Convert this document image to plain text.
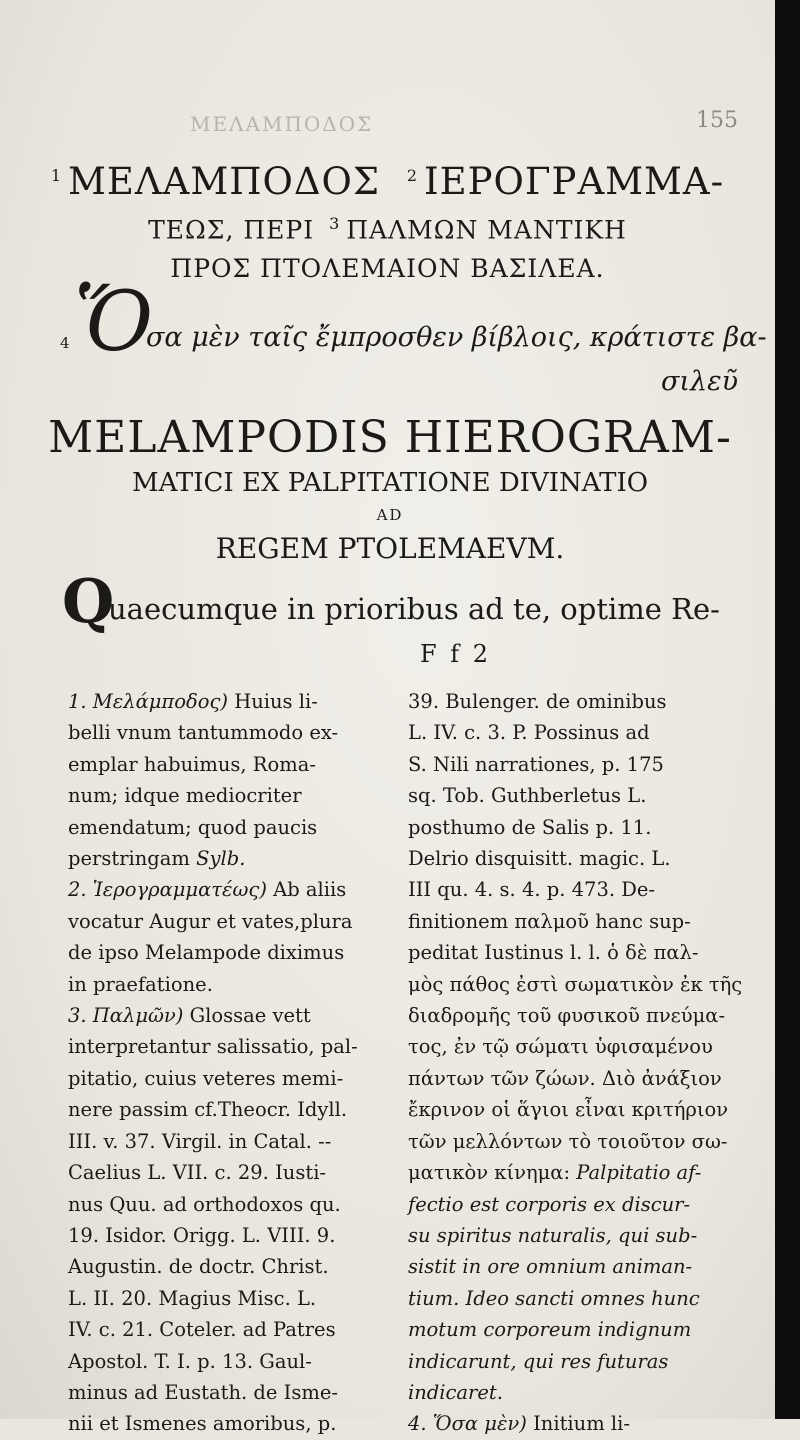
ΜΕΛΑΜΠΟΔΟΣ	155
$^1$ ΜΕΛΑΜΠΟΔΟΣ $^2$ ΙΕΡΟΓΡΑΜΜΑ-
ΤΕΩΣ, ΠΕΡΙ $^3$ ΠΑΛΜΩΝ ΜΑΝΤΙΚΗ
ΠΡΟΣ ΠΤΟΛΕΜΑΙΟΝ ΒΑΣΙΛΕΑ.
4 Ὅ
σα μὲν ταῖς ἔμπροσθεν βίβλοις, κράτιστε βα-
σιλεῦ
MELAMPODIS HIEROGRAM-
MATICI EX PALPITATIONE DIVINATIO
AD
REGEM PTOLEMAEVM.
Q
uaecumque in prioribus ad te, optime Re-
F f 2
1. Μελάμποδος) Huius li-
belli vnum tantummodo ex-
emplar habuimus, Roma-
num; idque mediocriter
emendatum; quod paucis
perstringam Sylb.
2. Ἱερογραμματέως) Ab aliis
vocatur Augur et vates,plura
de ipso Melampode diximus
in praefatione.
3. Παλμῶν) Glossae vett
interpretantur salissatio, pal-
pitatio, cuius veteres memi-
nere passim cf.Theocr. Idyll.
III. v. 37. Virgil. in Catal. --
Caelius L. VII. c. 29. Iusti-
nus Quu. ad orthodoxos qu.
19. Isidor. Origg. L. VIII. 9.
Augustin. de doctr. Christ.
L. II. 20. Magius Misc. L.
IV. c. 21. Coteler. ad Patres
Apostol. T. I. p. 13. Gaul-
minus ad Eustath. de Isme-
nii et Ismenes amoribus, p.
39. Bulenger. de ominibus
L. IV. c. 3. P. Possinus ad
S. Nili narrationes, p. 175
sq. Tob. Guthberletus L.
posthumo de Salis p. 11.
Delrio disquisitt. magic. L.
III qu. 4. s. 4. p. 473. De-
finitionem παλμοῦ hanc sup-
peditat Iustinus l. l. ὁ δὲ παλ-
μὸς πάθος ἐστὶ σωματικὸν ἐκ τῆς
διαδρομῆς τοῦ φυσικοῦ πνεύμα-
τος, ἐν τῷ σώματι ὑφισαμένου
πάντων τῶν ζώων. Διὸ ἀνάξιον
ἔκρινον οἱ ἅγιοι εἶναι κριτήριον
τῶν μελλόντων τὸ τοιοῦτον σω-
ματικὸν κίνημα: Palpitatio af-
fectio est corporis ex discur-
su spiritus naturalis, qui sub-
sistit in ore omnium animan-
tium. Ideo sancti omnes hunc
motum corporeum indignum
indicarunt, qui res futuras
indicaret.
4. Ὅσα μὲν) Initium li-
